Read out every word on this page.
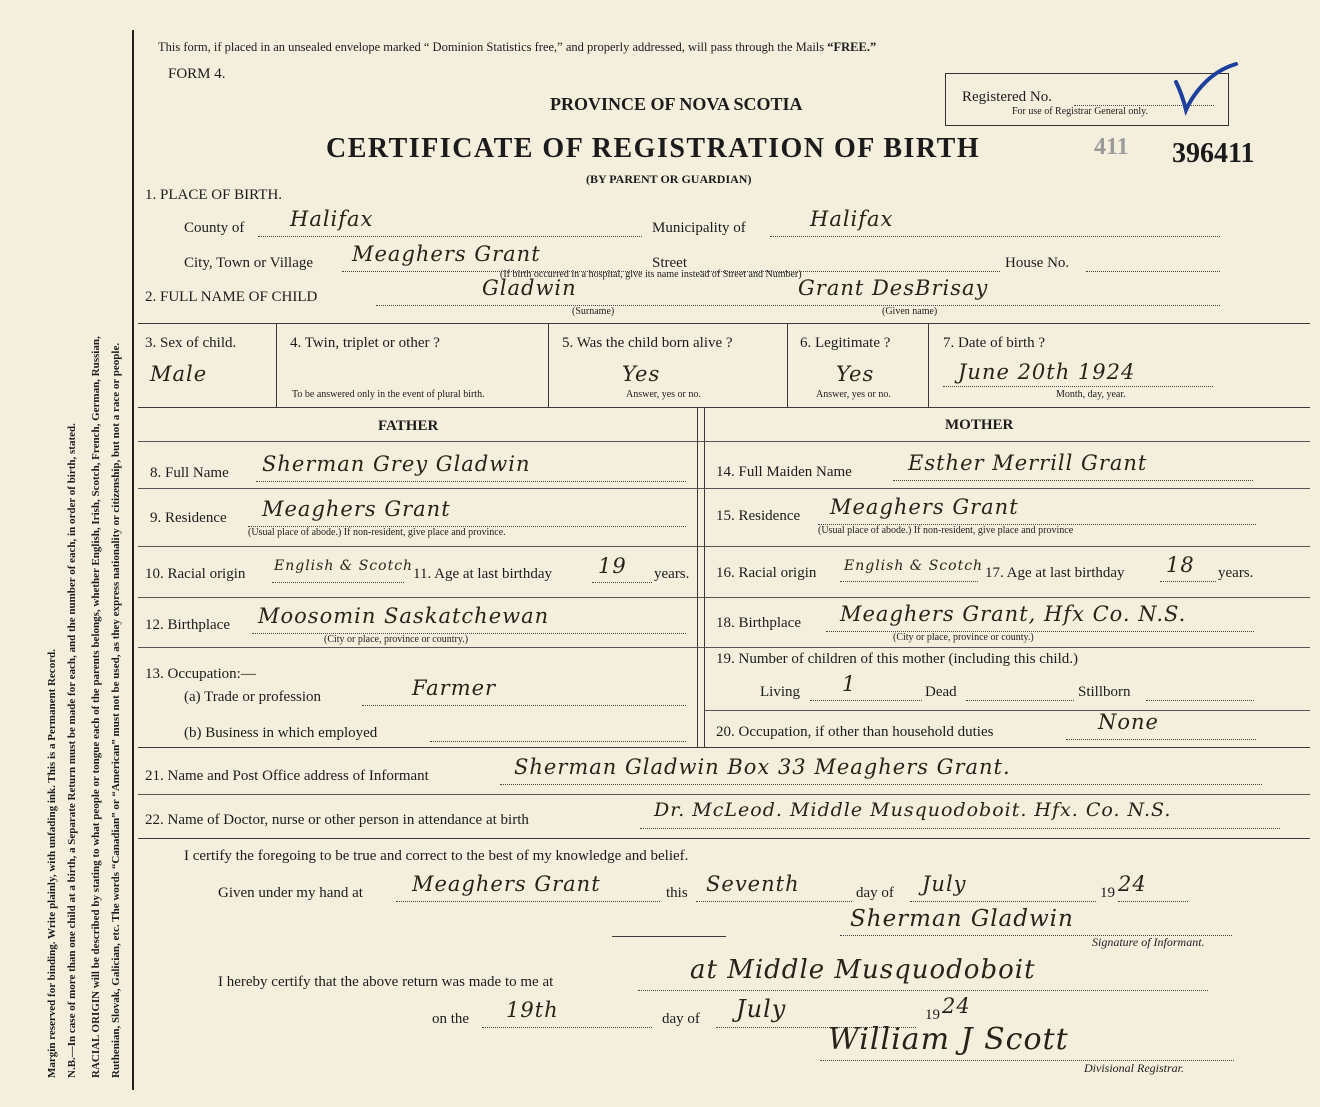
Margin reserved for binding. Write plainly, with unfading ink. This is a Permanent Record. N.B.—In case of more than one child at a birth, a Separate Return must be made for each, and the number of each, in order of birth, stated. RACIAL ORIGIN will be described by stating to what people or tongue each of the parents belongs, whether English, Irish, Scotch, French, German, Russian, Ruthenian, Slovak, Galician, etc. The words “Canadian” or “American” must not be used, as they express nationality or citizenship, but not a race or people.
This form, if placed in an unsealed envelope marked “ Dominion Statistics free,” and properly addressed, will pass through the Mails “FREE.”
FORM 4.
PROVINCE OF NOVA SCOTIA
CERTIFICATE OF REGISTRATION OF BIRTH
(BY PARENT OR GUARDIAN)
Registered No.
For use of Registrar General only.
411 396411
1. PLACE OF BIRTH.
County of Halifax	Municipality of	Halifax
City, Town or Village Meaghers Grant	Street	House No.
(If birth occurred in a hospital, give its name instead of Street and Number)
2. FULL NAME OF CHILD	Gladwin	Grant DesBrisay
(Surname)	(Given name)
3. Sex of child.
Male
4. Twin, triplet or other ?
To be answered only in the event of plural birth.
5. Was the child born alive ?
Yes
Answer, yes or no.
6. Legitimate ?
Yes
Answer, yes or no.
7. Date of birth ?
June 20th 1924
Month, day, year.
FATHER	MOTHER
8. Full Name Sherman Grey Gladwin	14. Full Maiden Name	Esther Merrill Grant
9. Residence Meaghers Grant
(Usual place of abode.) If non-resident, give place and province.
15. Residence Meaghers Grant
(Usual place of abode.) If non-resident, give place and province
10. Racial origin English & Scotch 11. Age at last birthday 19 years. 16. Racial origin English & Scotch 17. Age at last birthday 18 years.
12. Birthplace Moosomin Saskatchewan
(City or place, province or country.)
18. Birthplace Meaghers Grant, Hfx Co. N.S.
(City or place, province or county.)
13. Occupation:—
(a) Trade or profession	Farmer
(b) Business in which employed
19. Number of children of this mother (including this child.)
Living 1	Dead	Stillborn
20. Occupation, if other than household duties	None
21. Name and Post Office address of Informant	Sherman Gladwin Box 33 Meaghers Grant.
22. Name of Doctor, nurse or other person in attendance at birth	Dr. McLeod. Middle Musquodoboit. Hfx. Co. N.S.
I certify the foregoing to be true and correct to the best of my knowledge and belief.
Given under my hand at Meaghers Grant	this Seventh	day of July	19 24
Sherman Gladwin
Signature of Informant.
I hereby certify that the above return was made to me at	at Middle Musquodoboit
on the 19th	day of July	19 24
William J Scott
Divisional Registrar.
